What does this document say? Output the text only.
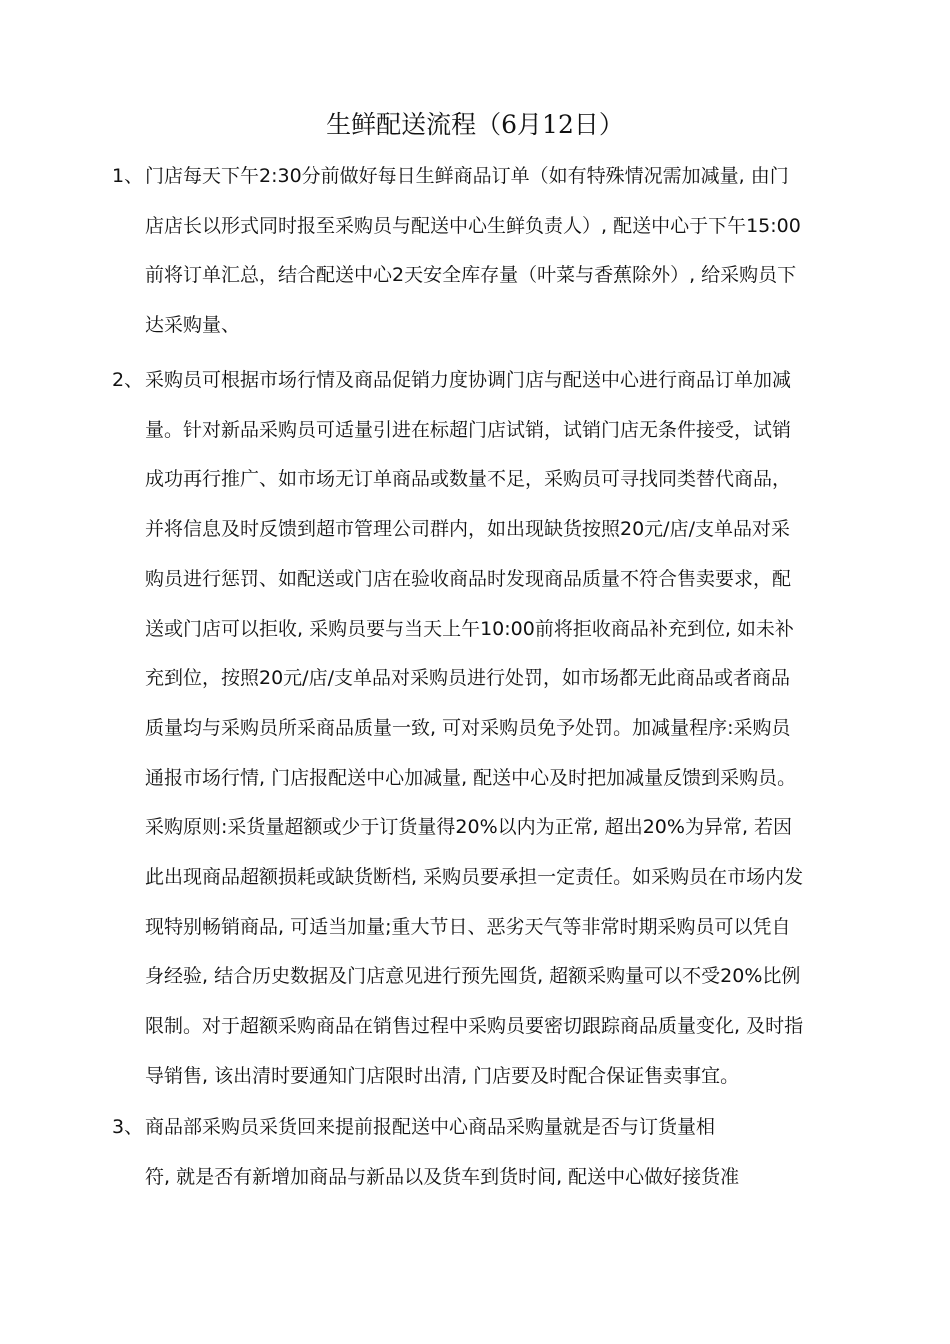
生鲜配送流程（6月12日）
1、 门店每天下午2:30分前做好每日生鲜商品订单（如有特殊情况需加减量, 由门
店店长以形式同时报至采购员与配送中心生鲜负责人）, 配送中心于下午15:00
前将订单汇总，结合配送中心2天安全库存量（叶菜与香蕉除外）, 给采购员下
达采购量、

2、 采购员可根据市场行情及商品促销力度协调门店与配送中心进行商品订单加减
量。针对新品采购员可适量引进在标超门店试销，试销门店无条件接受，试销
成功再行推广、如市场无订单商品或数量不足，采购员可寻找同类替代商品，
并将信息及时反馈到超市管理公司群内，如出现缺货按照20元/店/支单品对采
购员进行惩罚、如配送或门店在验收商品时发现商品质量不符合售卖要求，配
送或门店可以拒收, 采购员要与当天上午10:00前将拒收商品补充到位, 如未补
充到位，按照20元/店/支单品对采购员进行处罚，如市场都无此商品或者商品
质量均与采购员所采商品质量一致, 可对采购员免予处罚。加减量程序:采购员
通报市场行情, 门店报配送中心加减量, 配送中心及时把加减量反馈到采购员。
采购原则:采货量超额或少于订货量得20%以内为正常, 超出20%为异常, 若因
此出现商品超额损耗或缺货断档, 采购员要承担一定责任。如采购员在市场内发
现特别畅销商品, 可适当加量;重大节日、恶劣天气等非常时期采购员可以凭自
身经验, 结合历史数据及门店意见进行预先囤货, 超额采购量可以不受20%比例
限制。对于超额采购商品在销售过程中采购员要密切跟踪商品质量变化, 及时指
导销售, 该出清时要通知门店限时出清, 门店要及时配合保证售卖事宜。

3、 商品部采购员采货回来提前报配送中心商品采购量就是否与订货量相
符, 就是否有新增加商品与新品以及货车到货时间, 配送中心做好接货准
